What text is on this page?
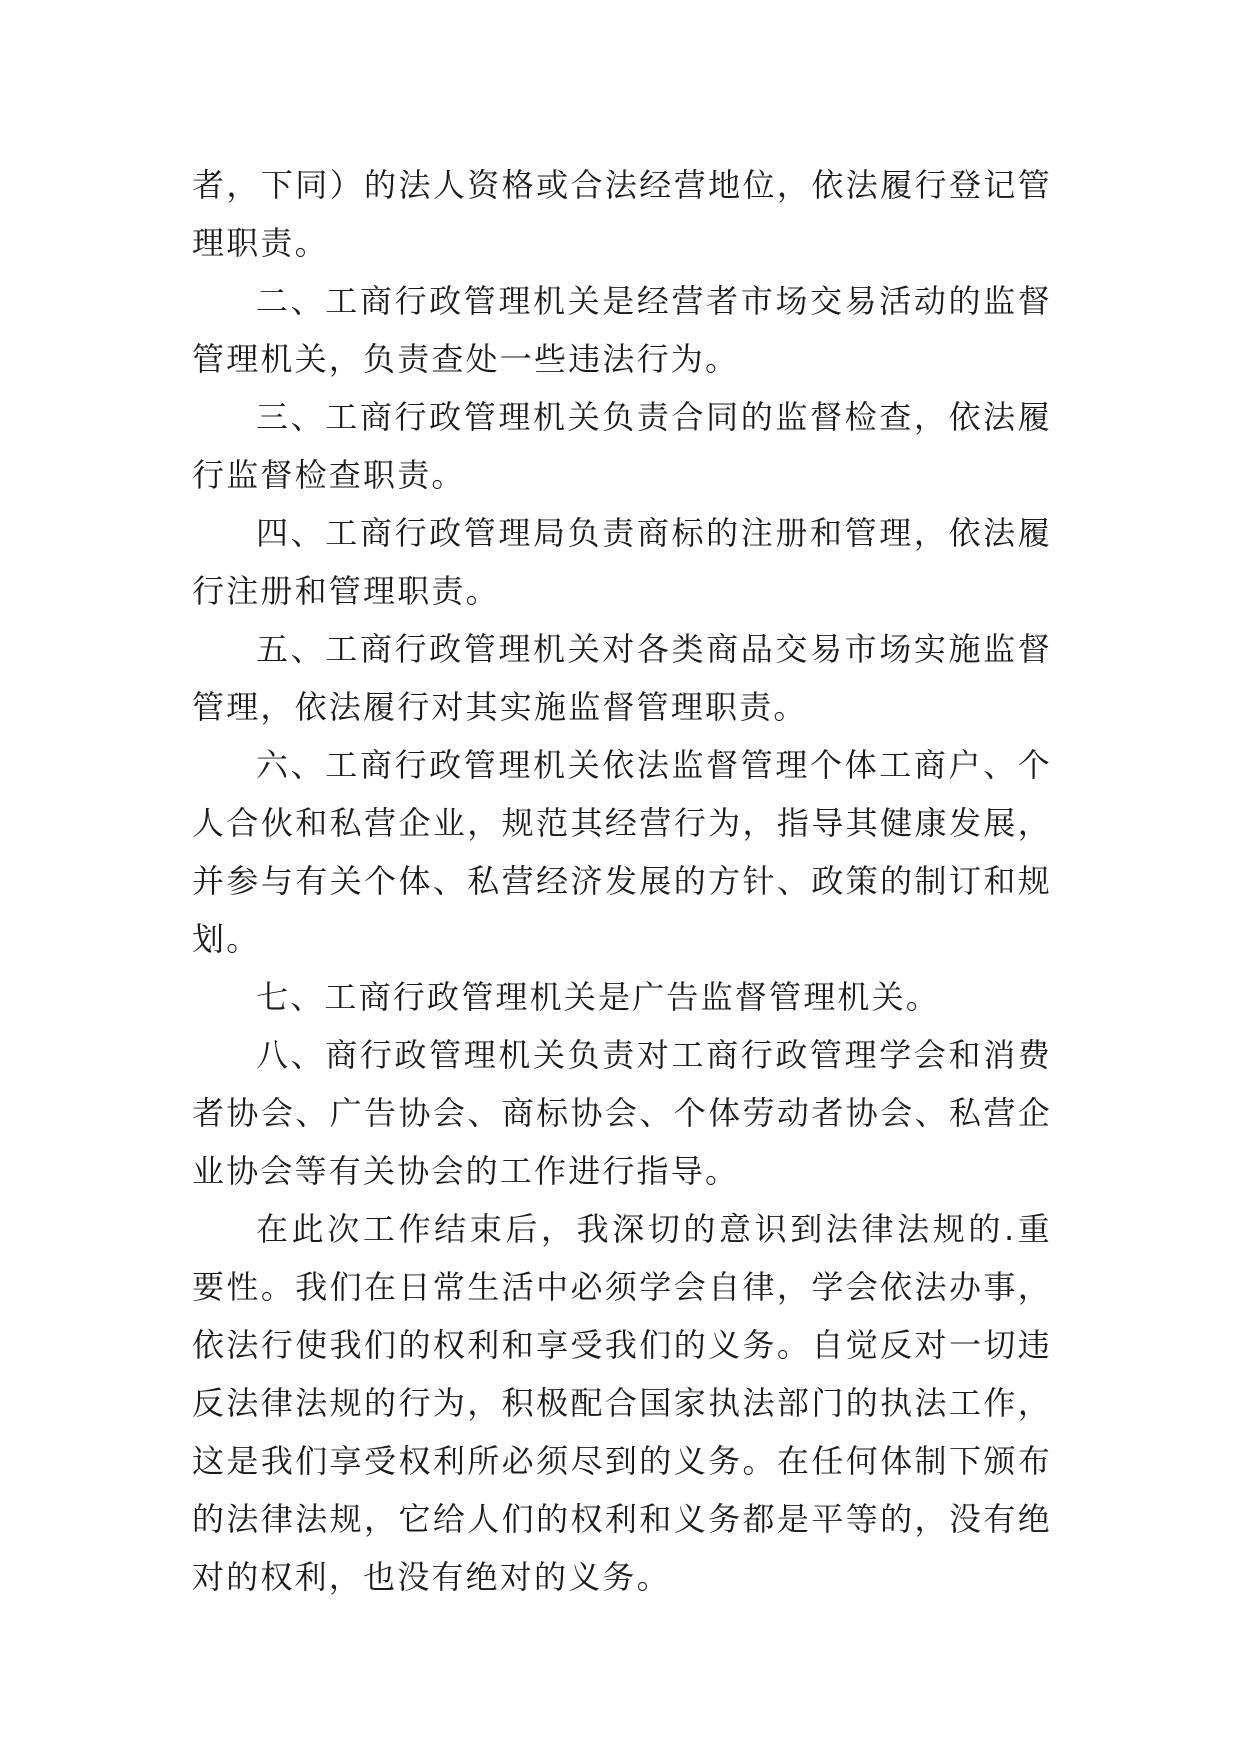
者，下同）的法人资格或合法经营地位，依法履行登记管理职责。

二、工商行政管理机关是经营者市场交易活动的监督管理机关，负责查处一些违法行为。

三、工商行政管理机关负责合同的监督检查，依法履行监督检查职责。

四、工商行政管理局负责商标的注册和管理，依法履行注册和管理职责。

五、工商行政管理机关对各类商品交易市场实施监督管理，依法履行对其实施监督管理职责。

六、工商行政管理机关依法监督管理个体工商户、个人合伙和私营企业，规范其经营行为，指导其健康发展，并参与有关个体、私营经济发展的方针、政策的制订和规划。

七、工商行政管理机关是广告监督管理机关。

八、商行政管理机关负责对工商行政管理学会和消费者协会、广告协会、商标协会、个体劳动者协会、私营企业协会等有关协会的工作进行指导。

在此次工作结束后，我深切的意识到法律法规的.重要性。我们在日常生活中必须学会自律，学会依法办事，依法行使我们的权利和享受我们的义务。自觉反对一切违反法律法规的行为，积极配合国家执法部门的执法工作，这是我们享受权利所必须尽到的义务。在任何体制下颁布的法律法规，它给人们的权利和义务都是平等的，没有绝对的权利，也没有绝对的义务。
